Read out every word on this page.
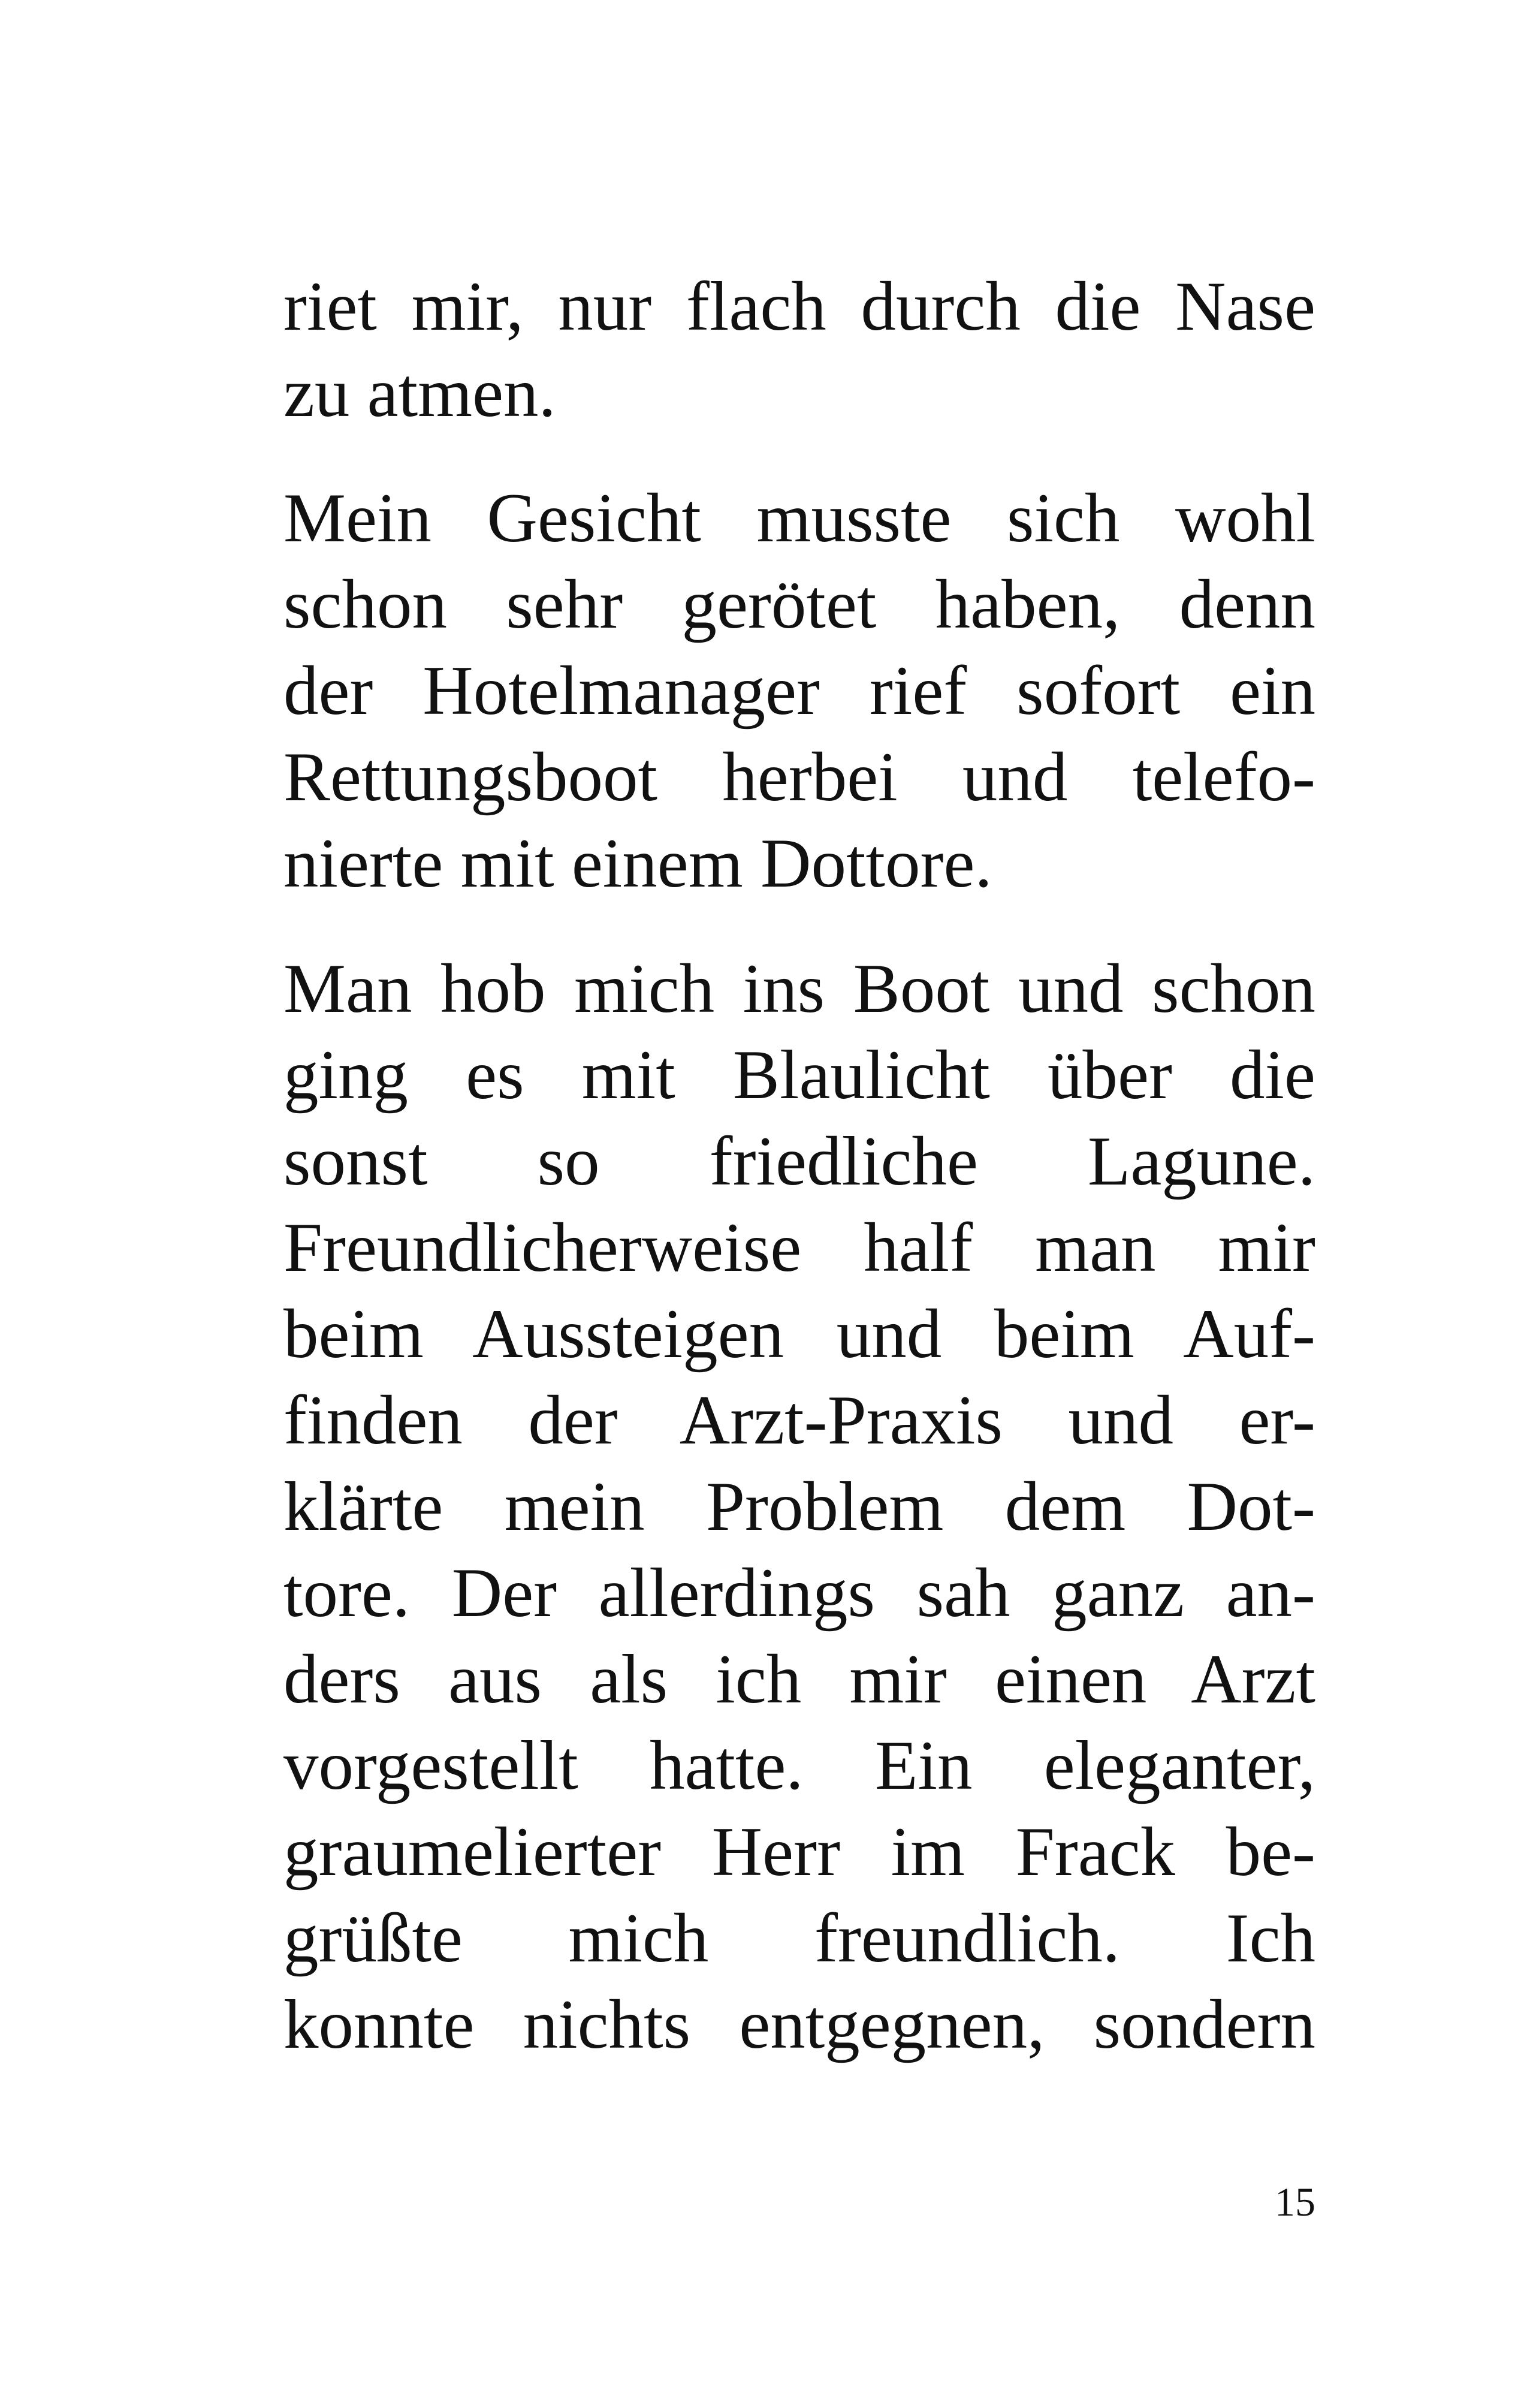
riet mir, nur flach durch die Nase
zu atmen.
Mein Gesicht musste sich wohl
schon sehr gerötet haben, denn
der Hotelmanager rief sofort ein
Rettungsboot herbei und telefo-
nierte mit einem Dottore.
Man hob mich ins Boot und schon
ging es mit Blaulicht über die
sonst so friedliche Lagune.
Freundlicherweise half man mir
beim Aussteigen und beim Auf-
finden der Arzt-Praxis und er-
klärte mein Problem dem Dot-
tore. Der allerdings sah ganz an-
ders aus als ich mir einen Arzt
vorgestellt hatte. Ein eleganter,
graumelierter Herr im Frack be-
grüßte mich freundlich. Ich
konnte nichts entgegnen, sondern
15
